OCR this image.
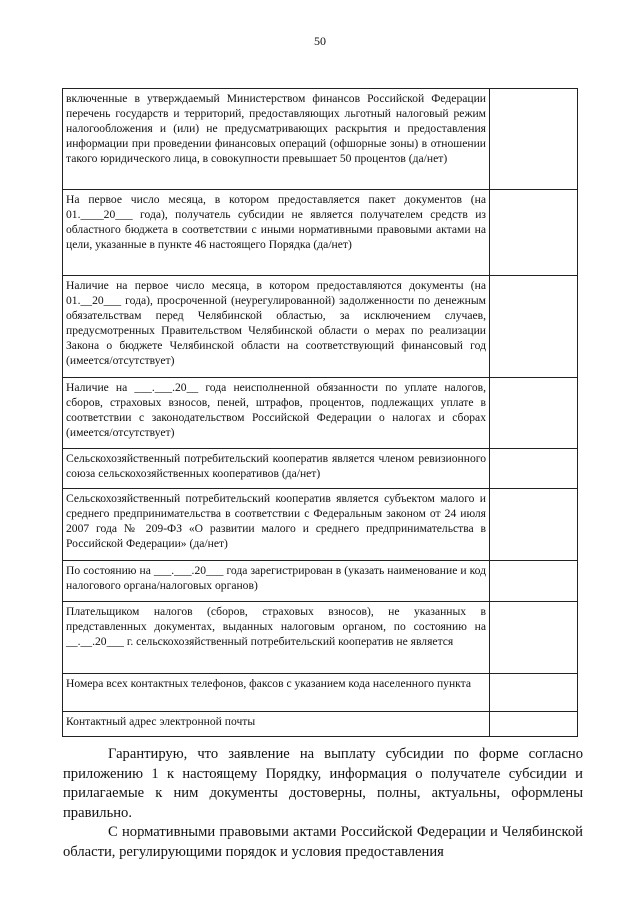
50
включенные в утверждаемый Министерством финансов Российской Федерации перечень государств и территорий, предоставляющих льготный налоговый режим налогообложения и (или) не предусматривающих раскрытия и предоставления информации при проведении финансовых операций (офшорные зоны) в отношении такого юридического лица, в совокупности превышает 50 процентов (да/нет)	
На первое число месяца, в котором предоставляется пакет документов (на 01.____20___ года), получатель субсидии не является получателем средств из областного бюджета в соответствии с иными нормативными правовыми актами на цели, указанные в пункте 46 настоящего Порядка (да/нет)	
Наличие на первое число месяца, в котором предоставляются документы (на 01.__20___ года), просроченной (неурегулированной) задолженности по денежным обязательствам перед Челябинской областью, за исключением случаев, предусмотренных Правительством Челябинской области о мерах по реализации Закона о бюджете Челябинской области на соответствующий финансовый год (имеется/отсутствует)	
Наличие на ___.___.20__ года неисполненной обязанности по уплате налогов, сборов, страховых взносов, пеней, штрафов, процентов, подлежащих уплате в соответствии с законодательством Российской Федерации о налогах и сборах (имеется/отсутствует)	
Сельскохозяйственный потребительский кооператив является членом ревизионного союза сельскохозяйственных кооперативов (да/нет)	
Сельскохозяйственный потребительский кооператив является субъектом малого и среднего предпринимательства в соответствии с Федеральным законом от 24 июля 2007 года № 209-ФЗ «О развитии малого и среднего предпринимательства в Российской Федерации» (да/нет)	
По состоянию на ___.___.20___ года зарегистрирован в (указать наименование и код налогового органа/налоговых органов)	
Плательщиком налогов (сборов, страховых взносов), не указанных в представленных документах, выданных налоговым органом, по состоянию на __.__.20___ г. сельскохозяйственный потребительский кооператив не является	
Номера всех контактных телефонов, факсов с указанием кода населенного пункта	
Контактный адрес электронной почты	

Гарантирую, что заявление на выплату субсидии по форме согласно приложению 1 к настоящему Порядку, информация о получателе субсидии и прилагаемые к ним документы достоверны, полны, актуальны, оформлены правильно.

С нормативными правовыми актами Российской Федерации и Челябинской области, регулирующими порядок и условия предоставления
